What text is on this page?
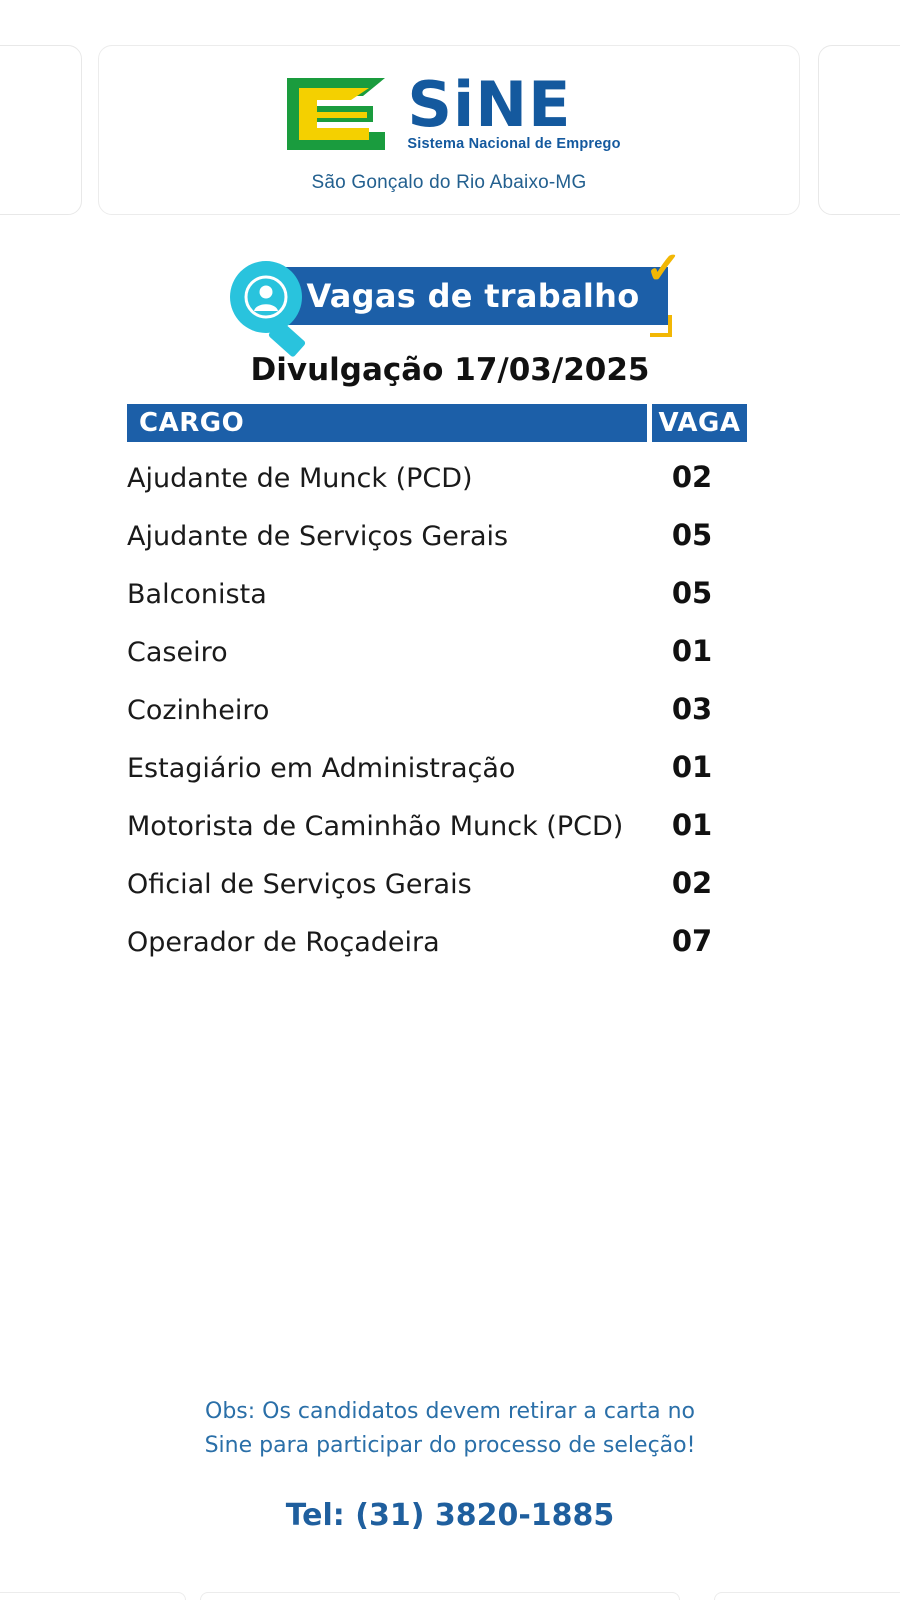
SiNE
Sistema Nacional de Emprego
São Gonçalo do Rio Abaixo-MG
Vagas de trabalho
✓
Divulgação 17/03/2025
CARGO	VAGA
Ajudante de Munck (PCD)	02
Ajudante de Serviços Gerais	05
Balconista	05
Caseiro	01
Cozinheiro	03
Estagiário em Administração	01
Motorista de Caminhão Munck (PCD)	01
Oficial de Serviços Gerais	02
Operador de Roçadeira	07
Obs: Os candidatos devem retirar a carta no
Sine para participar do processo de seleção!
Tel: (31) 3820-1885
